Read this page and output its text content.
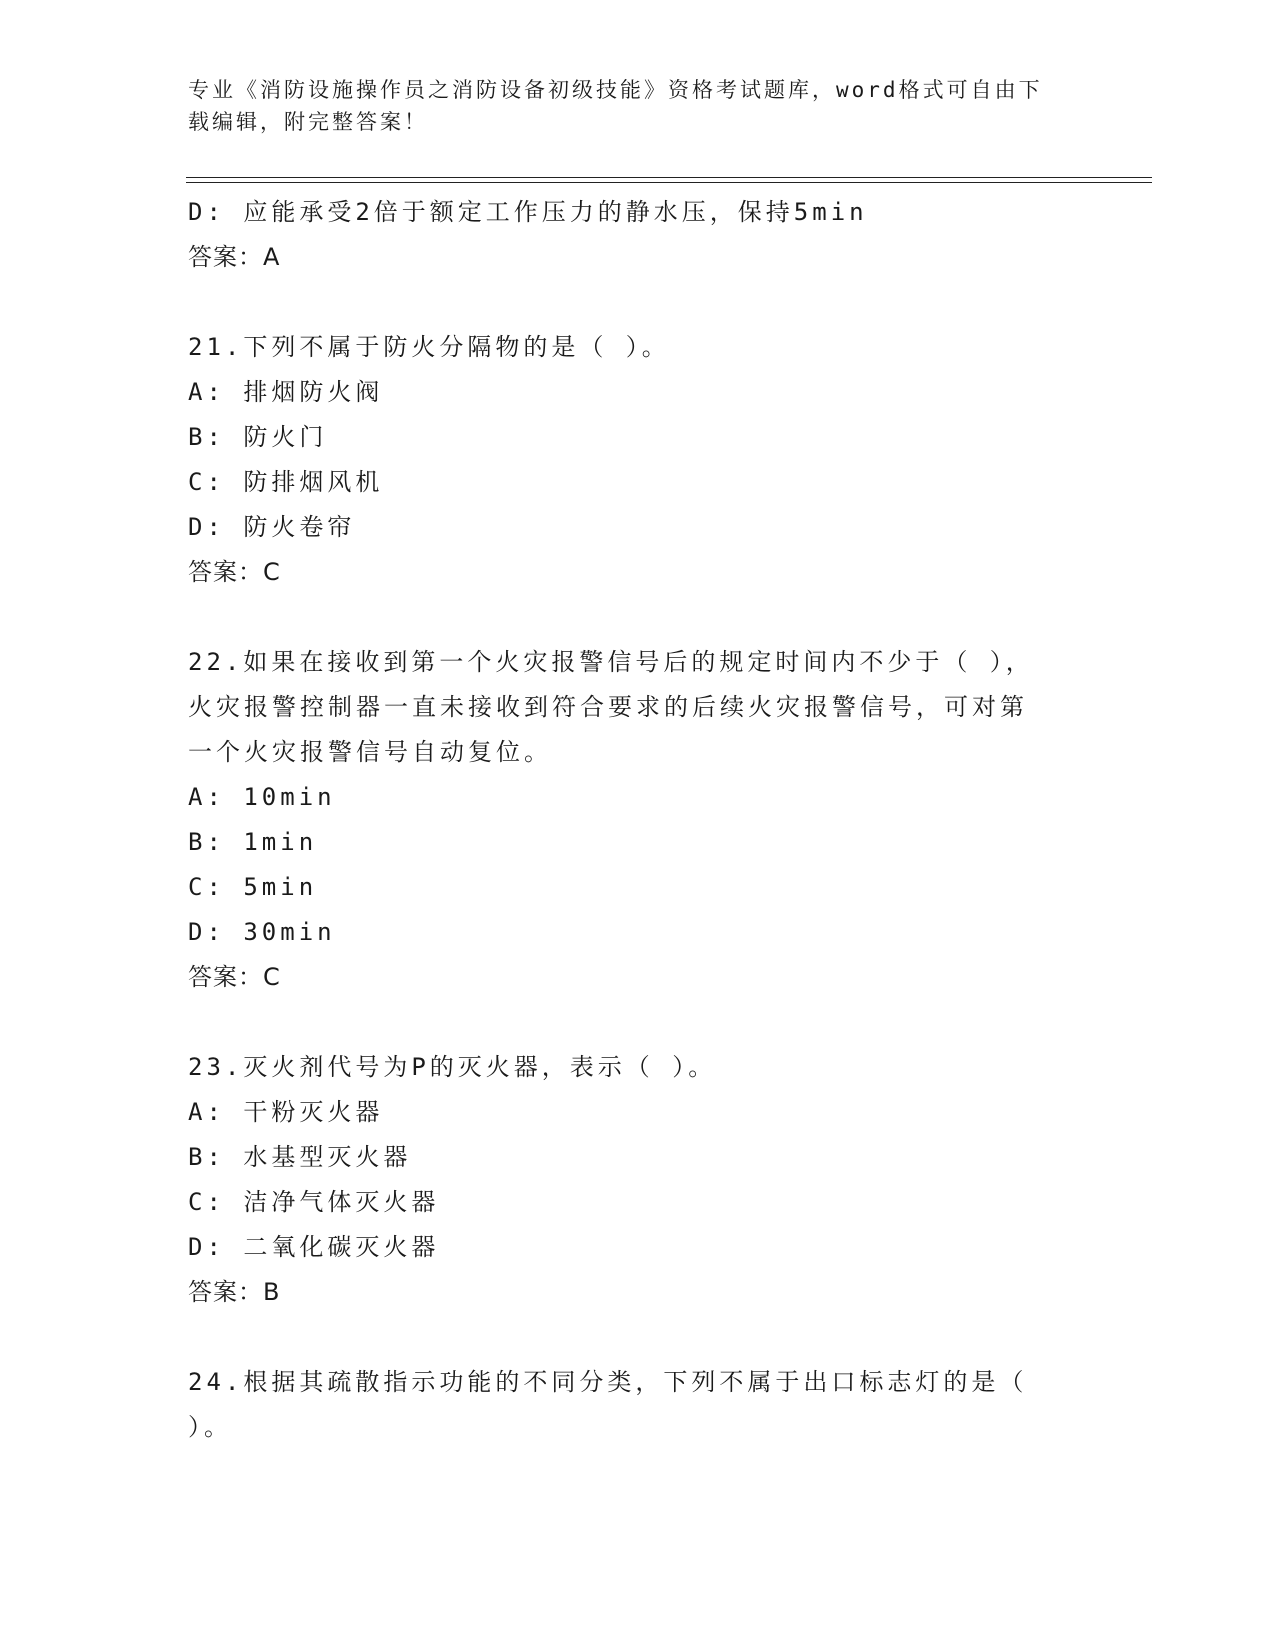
专业《消防设施操作员之消防设备初级技能》资格考试题库，word格式可自由下
载编辑，附完整答案！
D: 应能承受2倍于额定工作压力的静水压，保持5min
答案：A
21.下列不属于防火分隔物的是（ ）。
A: 排烟防火阀
B: 防火门
C: 防排烟风机
D: 防火卷帘
答案：C
22.如果在接收到第一个火灾报警信号后的规定时间内不少于（ ），
火灾报警控制器一直未接收到符合要求的后续火灾报警信号，可对第
一个火灾报警信号自动复位。
A: 10min
B: 1min
C: 5min
D: 30min
答案：C
23.灭火剂代号为P的灭火器，表示（ ）。
A: 干粉灭火器
B: 水基型灭火器
C: 洁净气体灭火器
D: 二氧化碳灭火器
答案：B
24.根据其疏散指示功能的不同分类，下列不属于出口标志灯的是（
）。
